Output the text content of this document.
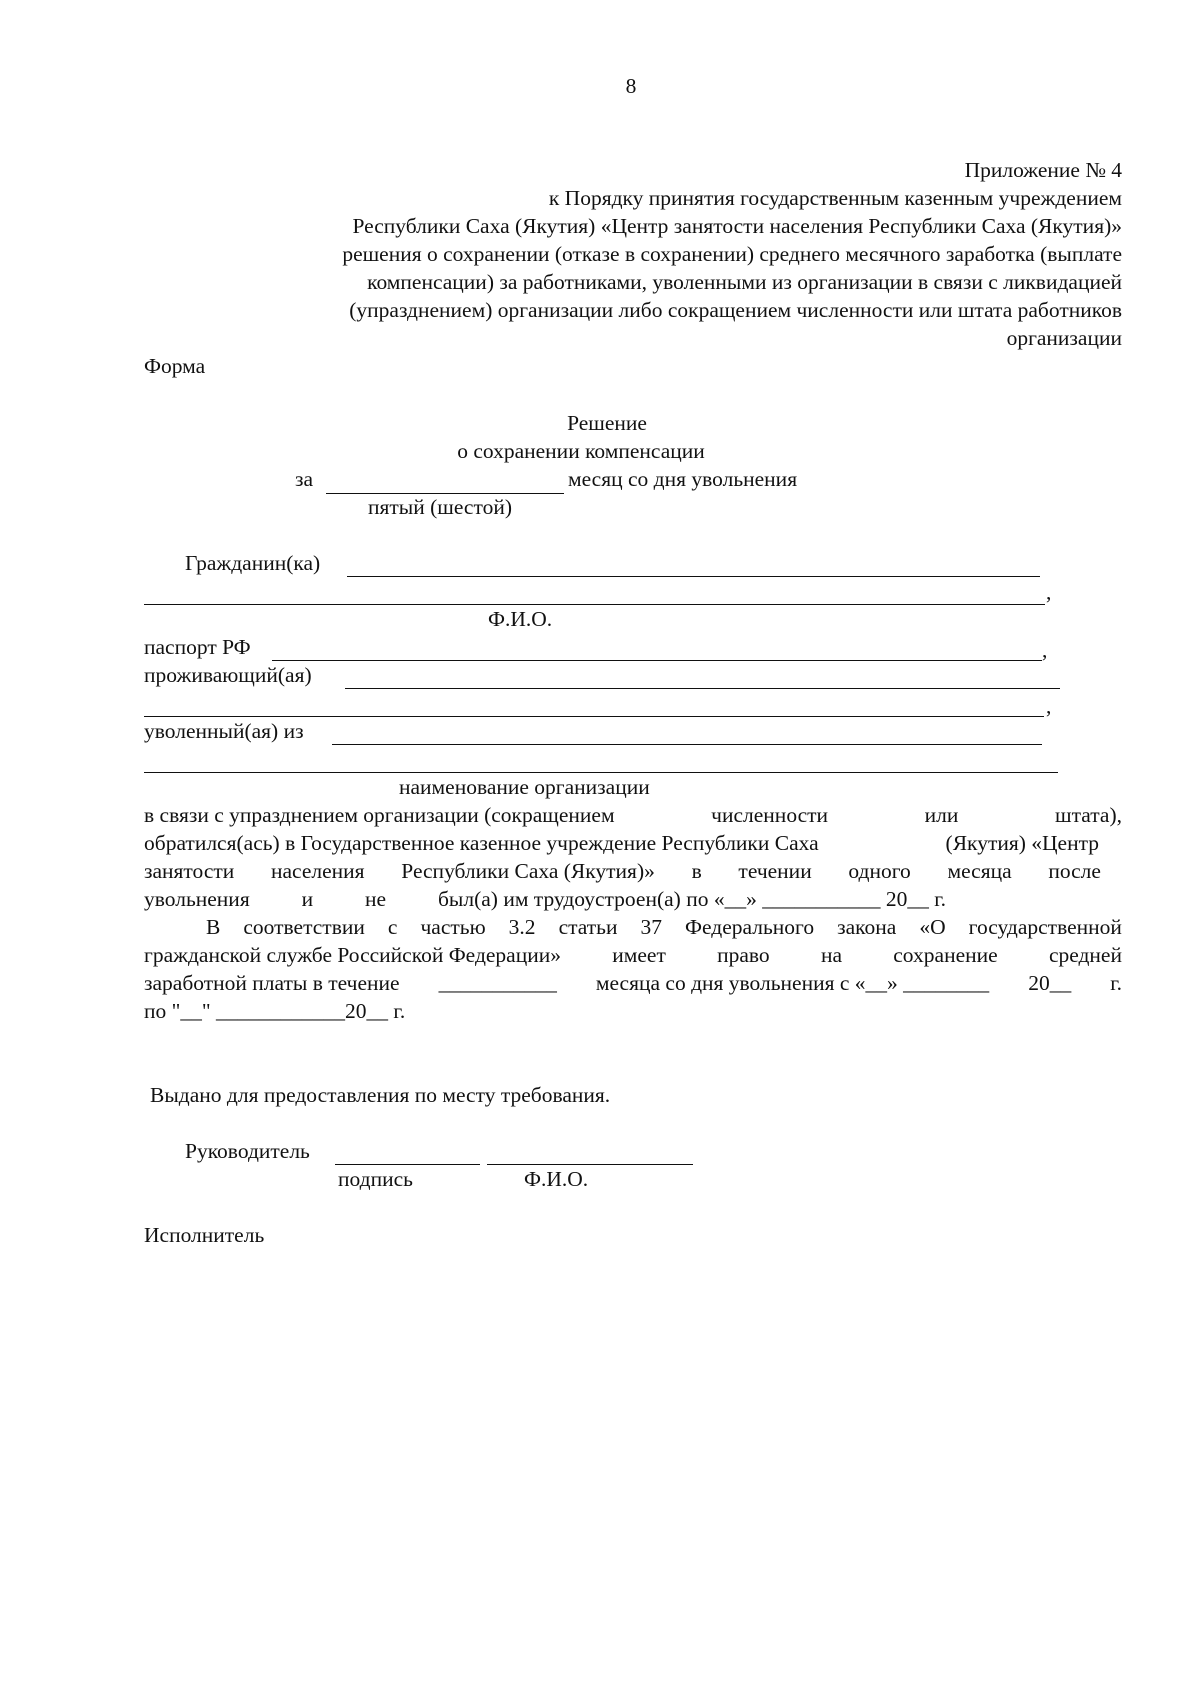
8
Приложение № 4
к Порядку принятия государственным казенным учреждением
Республики Саха (Якутия) «Центр занятости населения Республики Саха (Якутия)»
решения о сохранении (отказе в сохранении) среднего месячного заработка (выплате
компенсации) за работниками, уволенными из организации в связи с ликвидацией
(упразднением) организации либо сокращением численности или штата работников
организации
Форма
Решение
о сохранении компенсации
за	месяц со дня увольнения
пятый (шестой)
Гражданин(ка)
,
Ф.И.О.
паспорт РФ	,
проживающий(ая)
,
уволенный(ая) из
наименование организации
в связи с упразднением организации (сокращением	численности	или	штата),
обратился(ась) в Государственное казенное учреждение Республики Саха	(Якутия) «Центр
занятости населения Республики Саха (Якутия)» в течении одного месяца после
увольнения и не был(а) им трудоустроен(а) по «__» ___________ 20__ г.
В соответствии с частью 3.2 статьи 37 Федерального закона «О государственной
гражданской службе Российской Федерации» имеет право на сохранение средней
заработной платы в течение ___________ месяца со дня увольнения с «__» ________ 20__ г.
по "__" ____________20__ г.
Выдано для предоставления по месту требования.
Руководитель
подпись	Ф.И.О.
Исполнитель
